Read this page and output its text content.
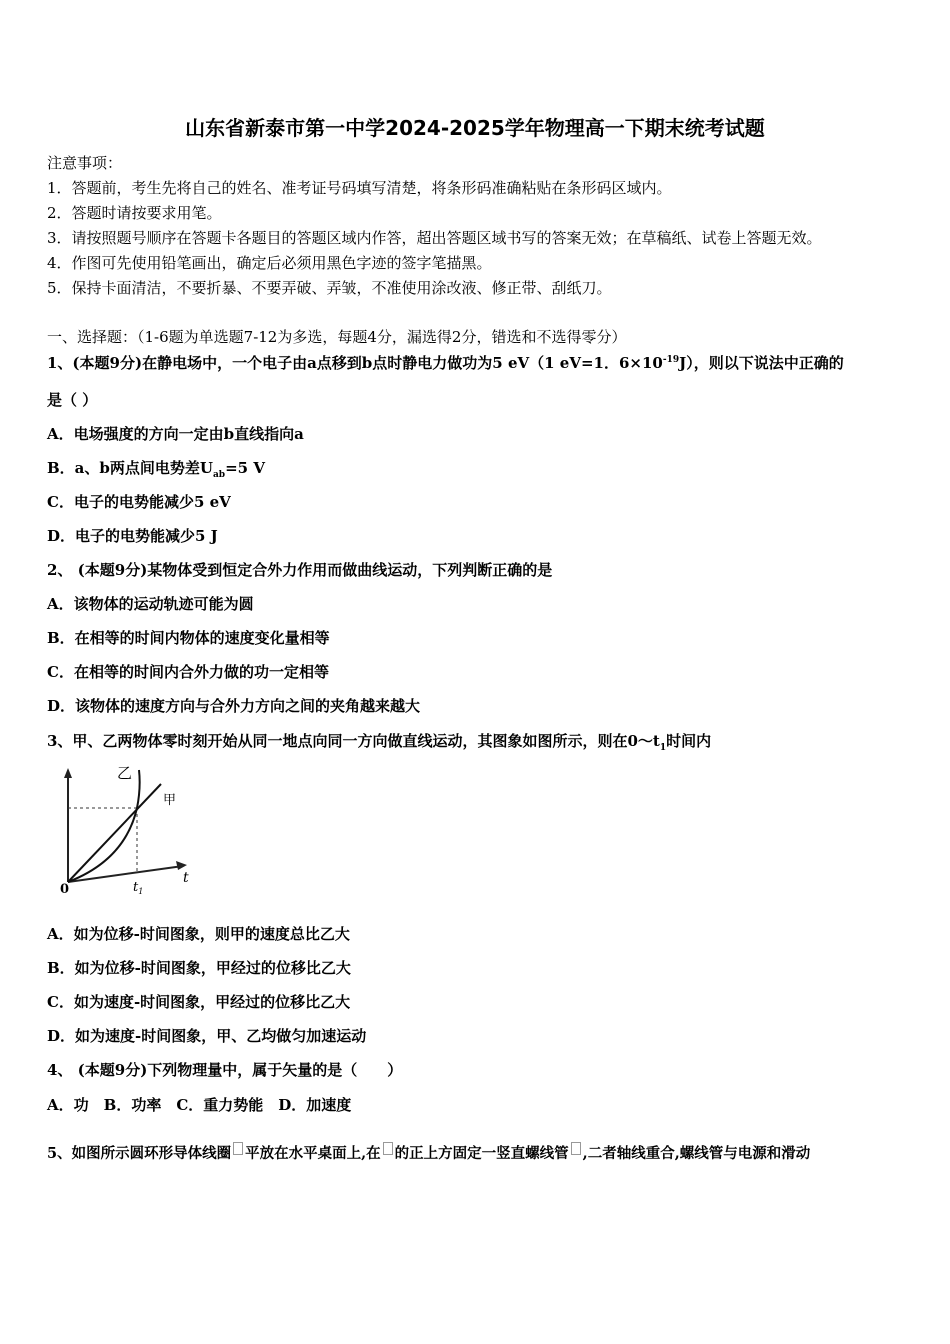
山东省新泰市第一中学2024-2025学年物理高一下期末统考试题
注意事项：
1．答题前，考生先将自己的姓名、准考证号码填写清楚，将条形码准确粘贴在条形码区域内。
2．答题时请按要求用笔。
3．请按照题号顺序在答题卡各题目的答题区域内作答，超出答题区域书写的答案无效；在草稿纸、试卷上答题无效。
4．作图可先使用铅笔画出，确定后必须用黑色字迹的签字笔描黑。
5．保持卡面清洁，不要折暴、不要弄破、弄皱，不准使用涂改液、修正带、刮纸刀。
一、选择题：（1-6题为单选题7-12为多选，每题4分，漏选得2分，错选和不选得零分）
1、(本题9分)在静电场中，一个电子由a点移到b点时静电力做功为5 eV（1 eV=1．$6\times 10^{-19}J$），则以下说法中正确的
是（ ）
A．电场强度的方向一定由b直线指向a
B．a、b两点间电势差$U_{ab}=5$ V
C．电子的电势能减少5 eV
D．电子的电势能减少5 J
2、 (本题9分)某物体受到恒定合外力作用而做曲线运动，下列判断正确的是
A．该物体的运动轨迹可能为圆
B．在相等的时间内物体的速度变化量相等
C．在相等的时间内合外力做的功一定相等
D．该物体的速度方向与合外力方向之间的夹角越来越大
3、甲、乙两物体零时刻开始从同一地点向同一方向做直线运动，其图象如图所示，则在$0\sim t_1$时间内
乙
甲
0	$t_1$
t
A．如为位移-时间图象，则甲的速度总比乙大
B．如为位移-时间图象，甲经过的位移比乙大
C．如为速度-时间图象，甲经过的位移比乙大
D．如为速度-时间图象，甲、乙均做匀加速运动
4、 (本题9分)下列物理量中，属于矢量的是（　　）
A．功　B．功率　C．重力势能　D．加速度
5、如图所示圆环形导体线圈 平放在水平桌面上,在 的正上方固定一竖直螺线管 ,二者轴线重合,螺线管与电源和滑动
